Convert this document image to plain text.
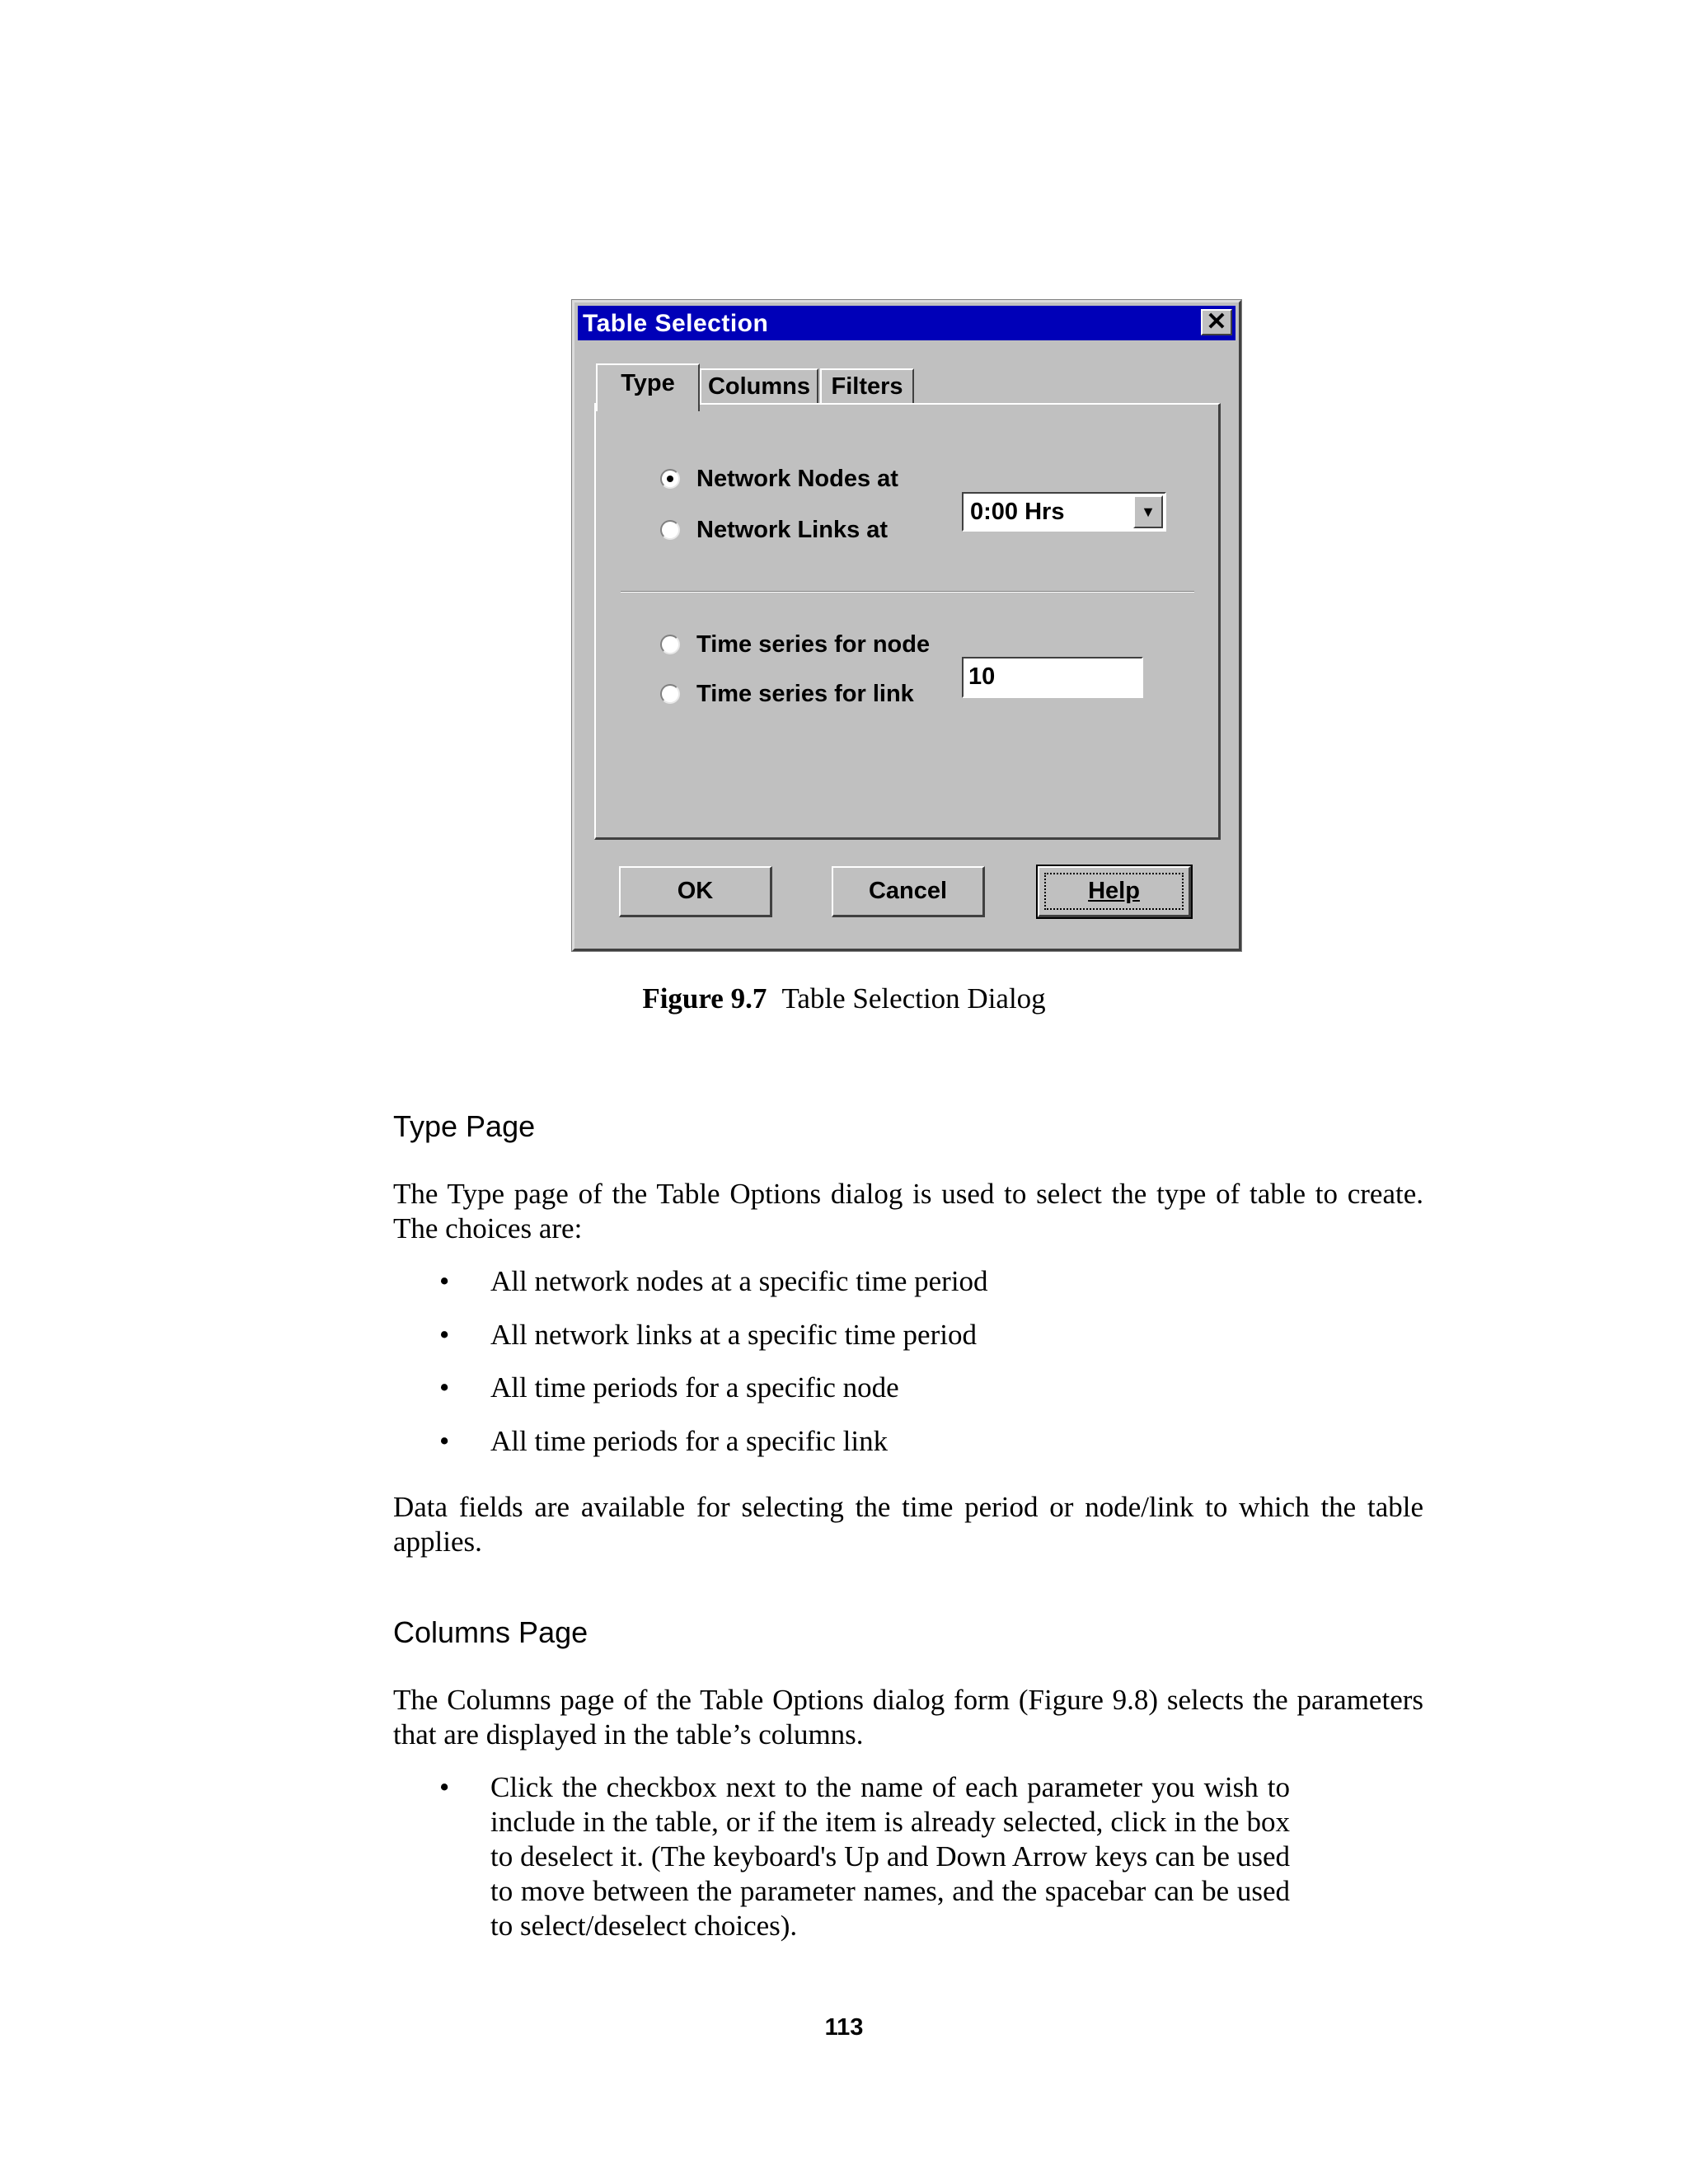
Table Selection	✕
Type	Columns Filters
Network Nodes at
Network Links at
0:00 Hrs	▼
Time series for node
Time series for link
10
OK	Cancel	Help
Figure 9.7 Table Selection Dialog
Type Page
The Type page of the Table Options dialog is used to select the type of table to create. The choices are:
• All network nodes at a specific time period
• All network links at a specific time period
• All time periods for a specific node
• All time periods for a specific link
Data fields are available for selecting the time period or node/link to which the table applies.
Columns Page
The Columns page of the Table Options dialog form (Figure 9.8) selects the parameters that are displayed in the table’s columns.
• Click the checkbox next to the name of each parameter you wish to include in the table, or if the item is already selected, click in the box to deselect it. (The keyboard's Up and Down Arrow keys can be used to move between the parameter names, and the spacebar can be used to select/deselect choices).
113
